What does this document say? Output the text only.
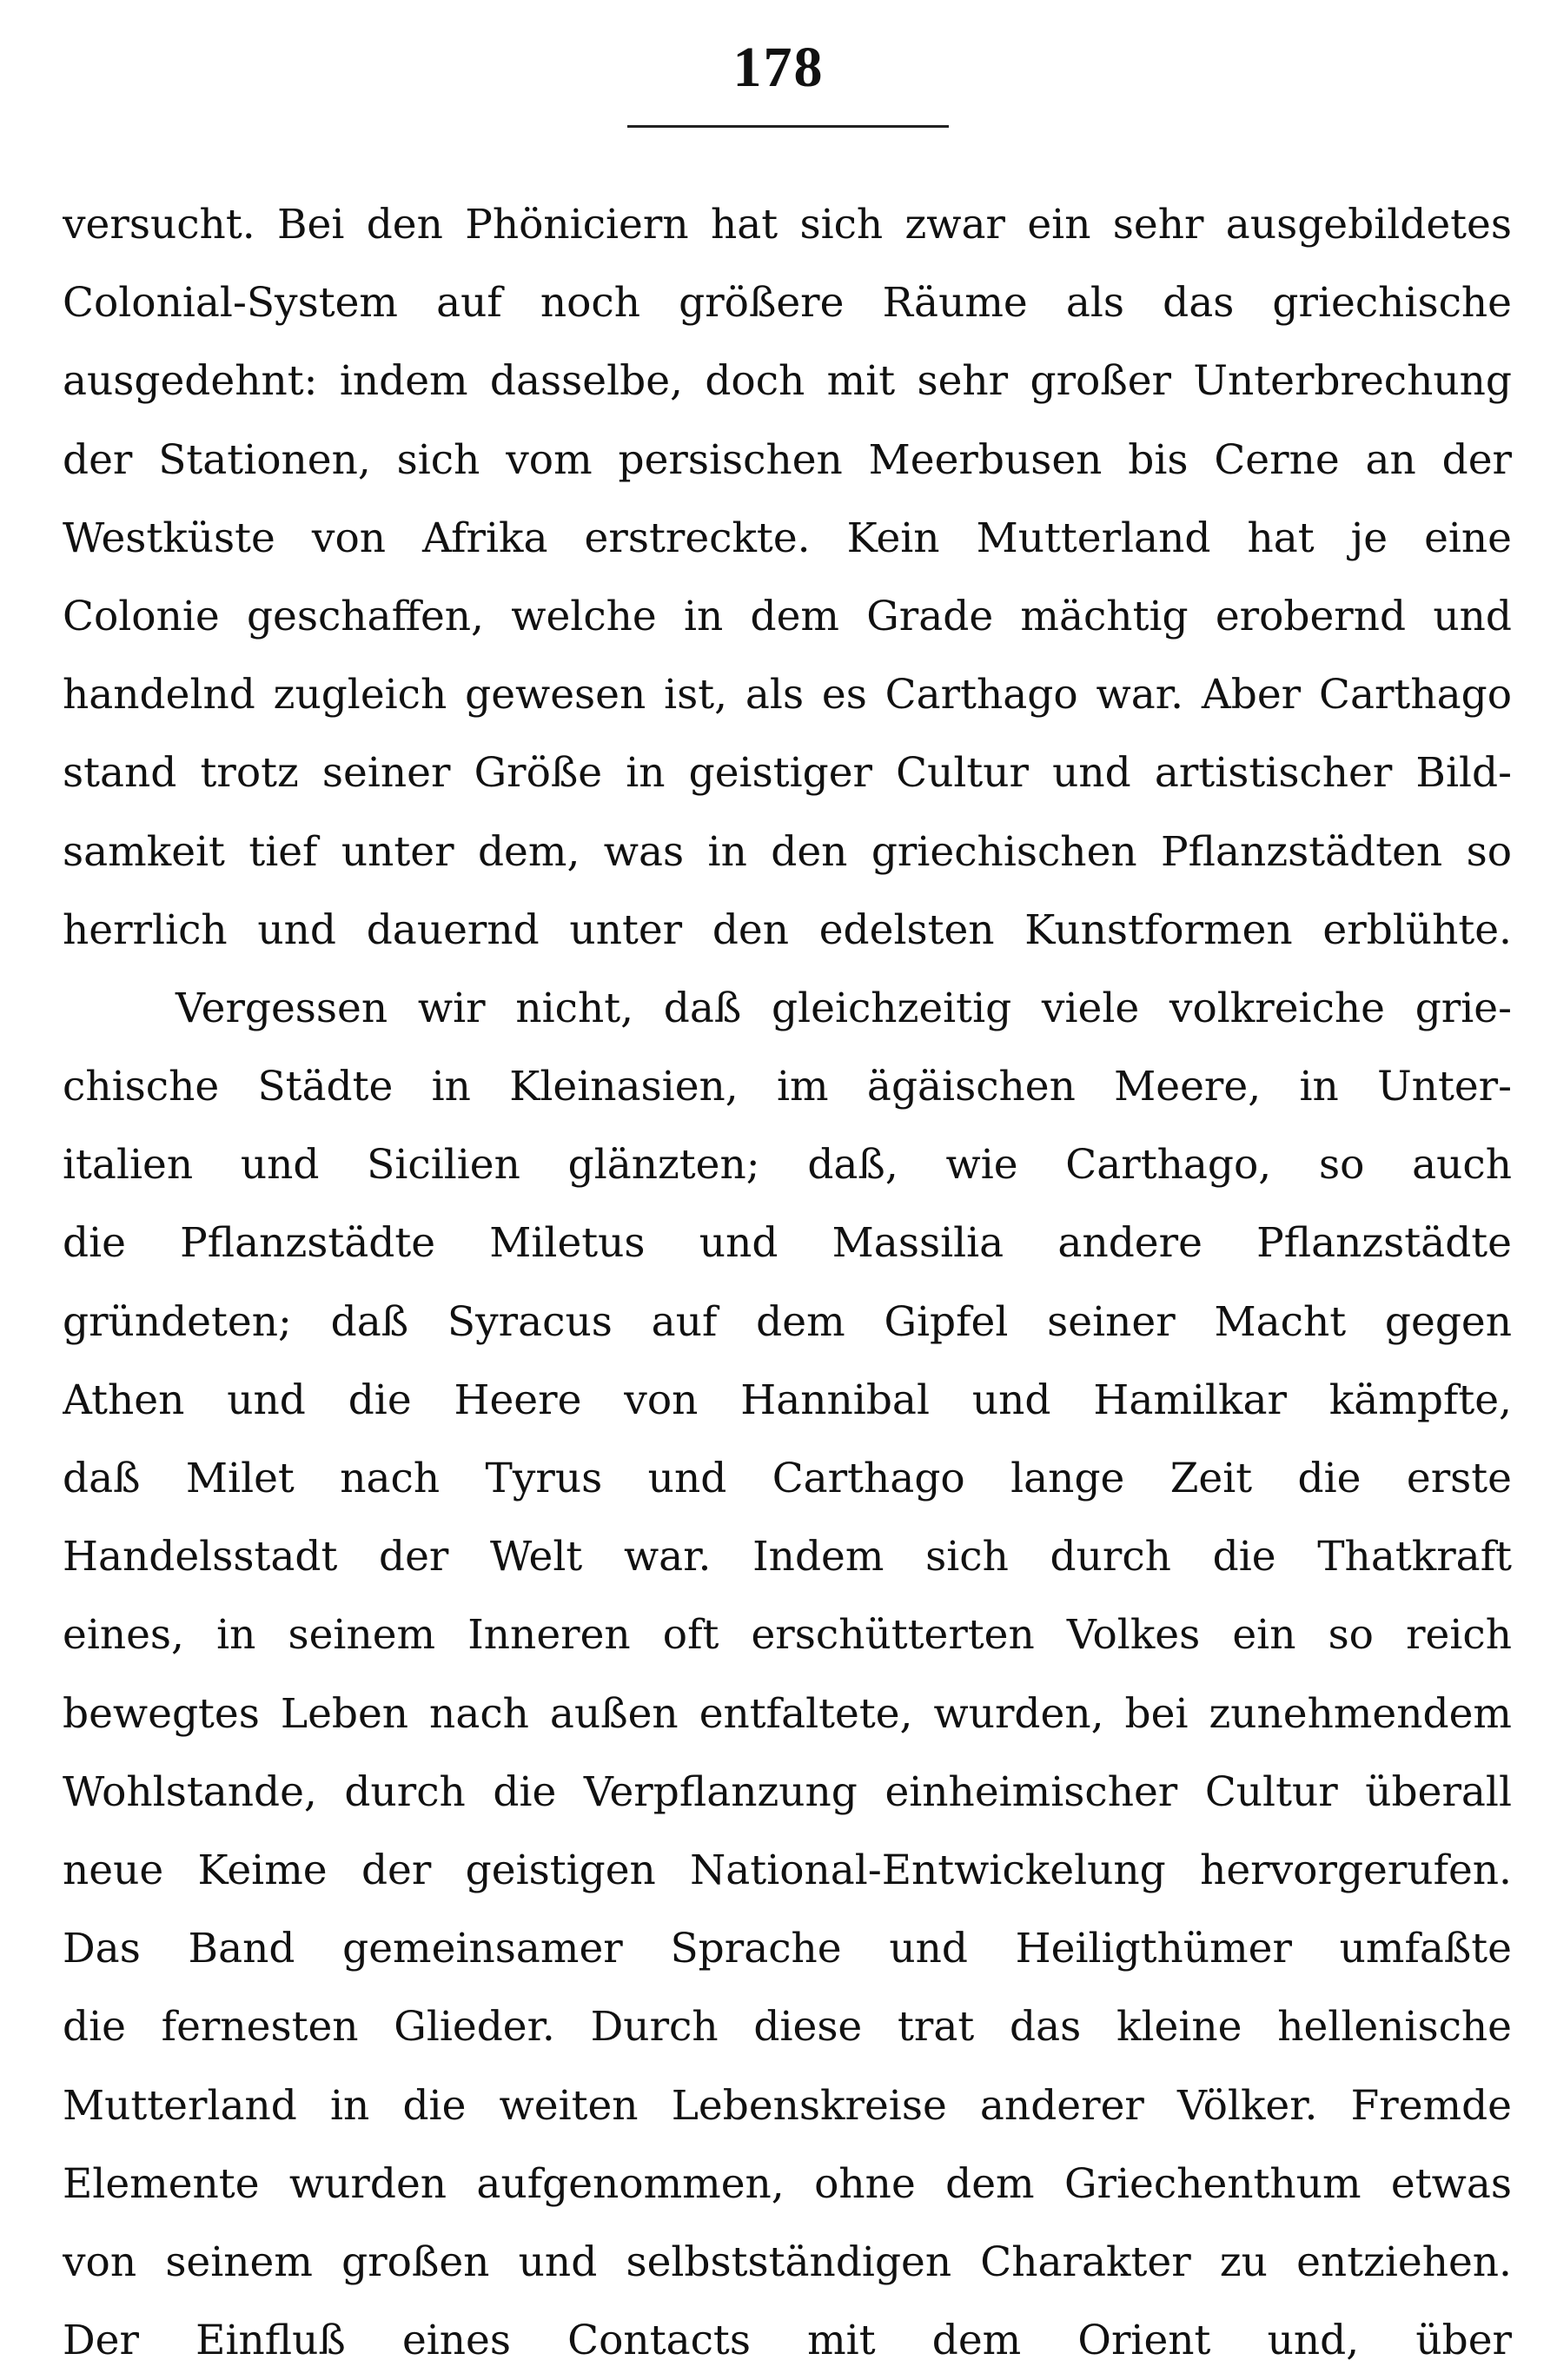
178
versucht. Bei den Phöniciern hat sich zwar ein sehr ausgebildetes
Colonial-System auf noch größere Räume als das griechische
ausgedehnt: indem dasselbe, doch mit sehr großer Unterbrechung
der Stationen, sich vom persischen Meerbusen bis Cerne an der
Westküste von Afrika erstreckte. Kein Mutterland hat je eine
Colonie geschaffen, welche in dem Grade mächtig erobernd und
handelnd zugleich gewesen ist, als es Carthago war. Aber Carthago
stand trotz seiner Größe in geistiger Cultur und artistischer Bild-
samkeit tief unter dem, was in den griechischen Pflanzstädten so
herrlich und dauernd unter den edelsten Kunstformen erblühte.
Vergessen wir nicht, daß gleichzeitig viele volkreiche grie-
chische Städte in Kleinasien, im ägäischen Meere, in Unter-
italien und Sicilien glänzten; daß, wie Carthago, so auch
die Pflanzstädte Miletus und Massilia andere Pflanzstädte
gründeten; daß Syracus auf dem Gipfel seiner Macht gegen
Athen und die Heere von Hannibal und Hamilkar kämpfte,
daß Milet nach Tyrus und Carthago lange Zeit die erste
Handelsstadt der Welt war. Indem sich durch die Thatkraft
eines, in seinem Inneren oft erschütterten Volkes ein so reich
bewegtes Leben nach außen entfaltete, wurden, bei zunehmendem
Wohlstande, durch die Verpflanzung einheimischer Cultur überall
neue Keime der geistigen National-Entwickelung hervorgerufen.
Das Band gemeinsamer Sprache und Heiligthümer umfaßte
die fernesten Glieder. Durch diese trat das kleine hellenische
Mutterland in die weiten Lebenskreise anderer Völker. Fremde
Elemente wurden aufgenommen, ohne dem Griechenthum etwas
von seinem großen und selbstständigen Charakter zu entziehen.
Der Einfluß eines Contacts mit dem Orient und, über
